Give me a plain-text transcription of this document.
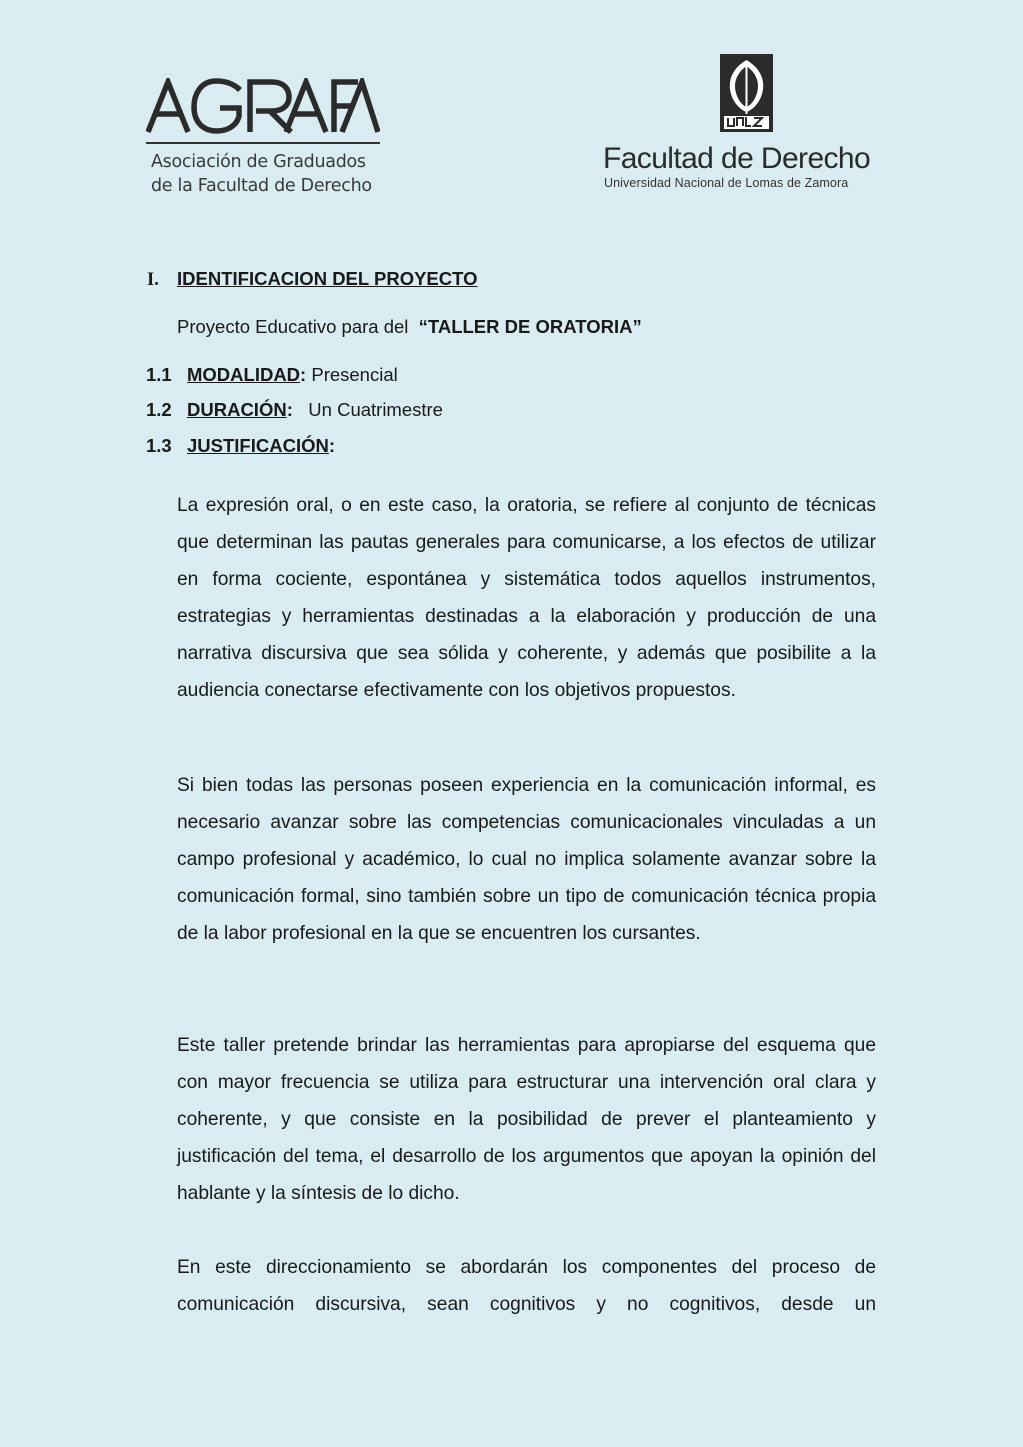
Asociación de Graduados
de la Facultad de Derecho
Facultad de Derecho
Universidad Nacional de Lomas de Zamora
I. IDENTIFICACION DEL PROYECTO
Proyecto Educativo para del “TALLER DE ORATORIA”
1.1 MODALIDAD: Presencial
1.2 DURACIÓN: Un Cuatrimestre
1.3 JUSTIFICACIÓN:

La expresión oral, o en este caso, la oratoria, se refiere al conjunto de técnicas que determinan las pautas generales para comunicarse, a los efectos de utilizar en forma cociente, espontánea y sistemática todos aquellos instrumentos, estrategias y herramientas destinadas a la elaboración y producción de una narrativa discursiva que sea sólida y coherente, y además que posibilite a la audiencia conectarse efectivamente con los objetivos propuestos.

Si bien todas las personas poseen experiencia en la comunicación informal, es necesario avanzar sobre las competencias comunicacionales vinculadas a un campo profesional y académico, lo cual no implica solamente avanzar sobre la comunicación formal, sino también sobre un tipo de comunicación técnica propia de la labor profesional en la que se encuentren los cursantes.

Este taller pretende brindar las herramientas para apropiarse del esquema que con mayor frecuencia se utiliza para estructurar una intervención oral clara y coherente, y que consiste en la posibilidad de prever el planteamiento y justificación del tema, el desarrollo de los argumentos que apoyan la opinión del hablante y la síntesis de lo dicho.

En este direccionamiento se abordarán los componentes del proceso de comunicación discursiva, sean cognitivos y no cognitivos, desde un
